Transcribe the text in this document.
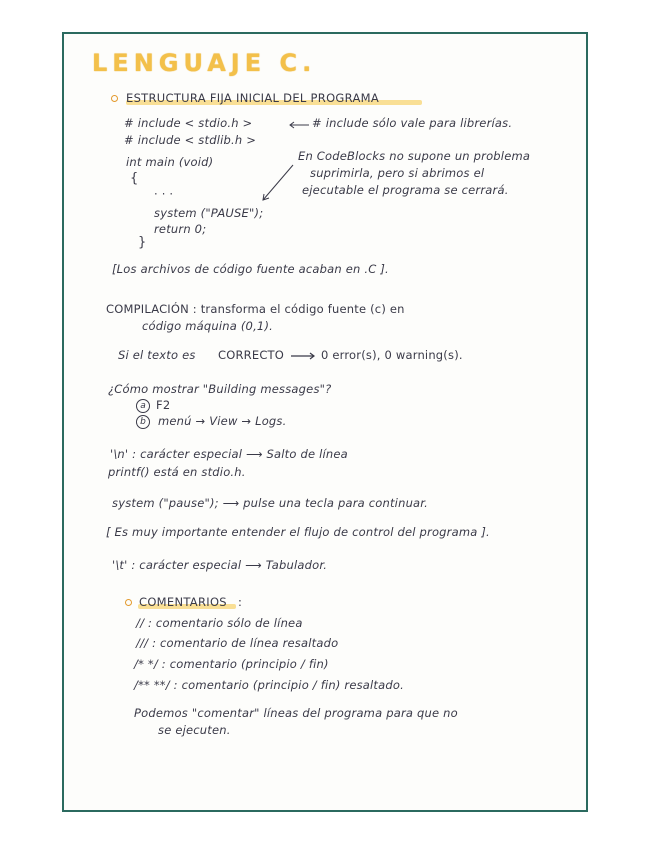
LENGUAJE C.
ESTRUCTURA FIJA INICIAL DEL PROGRAMA
# include < stdio.h >
# include < stdlib.h >
# include sólo vale para librerías.
int main (void)
{
· · ·
system ("PAUSE");
return 0;
}
En CodeBlocks no supone un problema
suprimirla, pero si abrimos el
ejecutable el programa se cerrará.
[Los archivos de código fuente acaban en .C ].
COMPILACIÓN : transforma el código fuente (c) en
código máquina (0,1).
Si el texto es CORRECTO	0 error(s), 0 warning(s).
¿Cómo mostrar "Building messages"?
a F2
b	menú → View → Logs.
'\n' : carácter especial ⟶ Salto de línea
printf() está en stdio.h.
system ("pause"); ⟶ pulse una tecla para continuar.
[ Es muy importante entender el flujo de control del programa ].
'\t' : carácter especial ⟶ Tabulador.
COMENTARIOS :
// : comentario sólo de línea
/// : comentario de línea resaltado
/* */ : comentario (principio / fin)
/** **/ : comentario (principio / fin) resaltado.
Podemos "comentar" líneas del programa para que no
se ejecuten.
